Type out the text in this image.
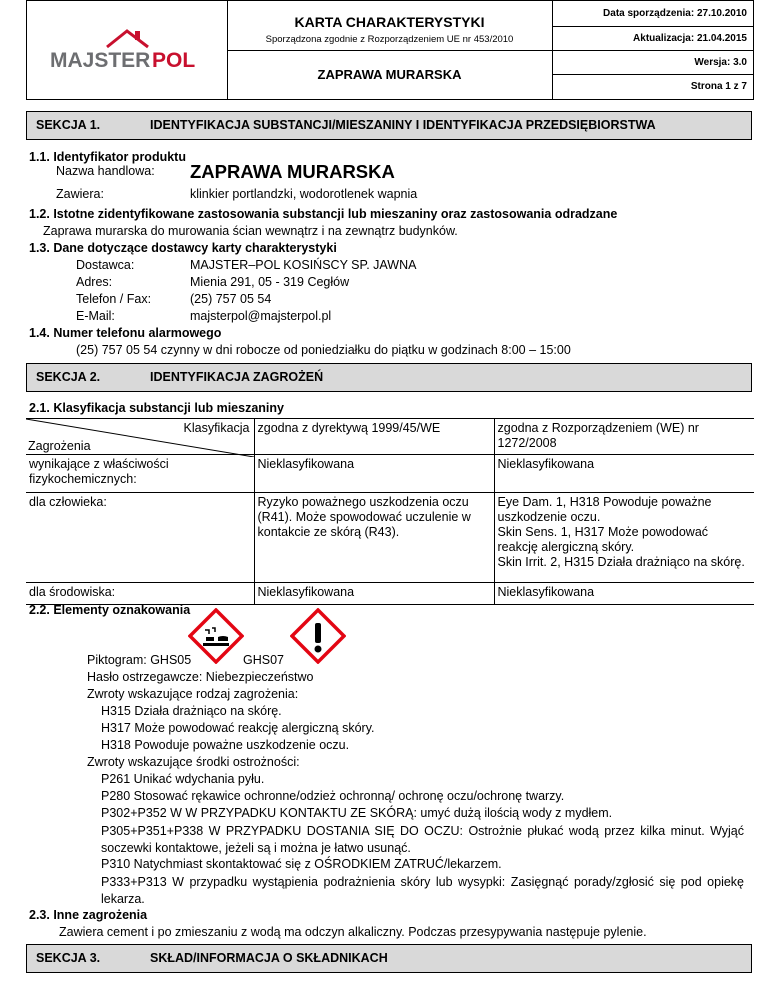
MAJSTER POL
KARTA CHARAKTERYSTYKI
Sporządzona zgodnie z Rozporządzeniem UE nr 453/2010
ZAPRAWA MURARSKA
Data sporządzenia: 27.10.2010
Aktualizacja: 21.04.2015
Wersja: 3.0
Strona 1 z 7
SEKCJA 1.	IDENTYFIKACJA SUBSTANCJI/MIESZANINY I IDENTYFIKACJA PRZEDSIĘBIORSTWA
1.1. Identyfikator produktu
Nazwa handlowa: ZAPRAWA MURARSKA
Zawiera:	klinkier portlandzki, wodorotlenek wapnia
1.2. Istotne zidentyfikowane zastosowania substancji lub mieszaniny oraz zastosowania odradzane
Zaprawa murarska do murowania ścian wewnątrz i na zewnątrz budynków.
1.3. Dane dotyczące dostawcy karty charakterystyki
Dostawca:	MAJSTER–POL KOSIŃSCY SP. JAWNA
Adres:	Mienia 291, 05 - 319 Cegłów
Telefon / Fax:	(25) 757 05 54
E-Mail:	majsterpol@majsterpol.pl
1.4. Numer telefonu alarmowego
(25) 757 05 54 czynny w dni robocze od poniedziałku do piątku w godzinach 8:00 – 15:00
SEKCJA 2.	IDENTYFIKACJA ZAGROŻEŃ
2.1. Klasyfikacja substancji lub mieszaniny
Klasyfikacja
Zagrożenia	zgodna z dyrektywą 1999/45/WE	zgodna z Rozporządzeniem (WE) nr 1272/2008
wynikające z właściwości fizykochemicznych:	Nieklasyfikowana	Nieklasyfikowana
dla człowieka:	Ryzyko poważnego uszkodzenia oczu (R41). Może spowodować uczulenie w kontakcie ze skórą (R43).	Eye Dam. 1, H318 Powoduje poważne uszkodzenie oczu.
Skin Sens. 1, H317 Może powodować reakcję alergiczną skóry.
Skin Irrit. 2, H315 Działa drażniąco na skórę.

dla środowiska:	Nieklasyfikowana	Nieklasyfikowana
2.2. Elementy oznakowania
Piktogram: GHS05	GHS07
Hasło ostrzegawcze: Niebezpieczeństwo
Zwroty wskazujące rodzaj zagrożenia:
H315 Działa drażniąco na skórę.
H317 Może powodować reakcję alergiczną skóry.
H318 Powoduje poważne uszkodzenie oczu.
Zwroty wskazujące środki ostrożności:
P261 Unikać wdychania pyłu.
P280 Stosować rękawice ochronne/odzież ochronną/ ochronę oczu/ochronę twarzy.
P302+P352 W W PRZYPADKU KONTAKTU ZE SKÓRĄ: umyć dużą ilością wody z mydłem.
P305+P351+P338 W PRZYPADKU DOSTANIA SIĘ DO OCZU: Ostrożnie płukać wodą przez kilka minut. Wyjąć soczewki kontaktowe, jeżeli są i można je łatwo usunąć.
P310 Natychmiast skontaktować się z OŚRODKIEM ZATRUĆ/lekarzem.
P333+P313 W przypadku wystąpienia podrażnienia skóry lub wysypki: Zasięgnąć porady/zgłosić się pod opiekę lekarza.
2.3. Inne zagrożenia
Zawiera cement i po zmieszaniu z wodą ma odczyn alkaliczny. Podczas przesypywania następuje pylenie.
SEKCJA 3.	SKŁAD/INFORMACJA O SKŁADNIKACH
